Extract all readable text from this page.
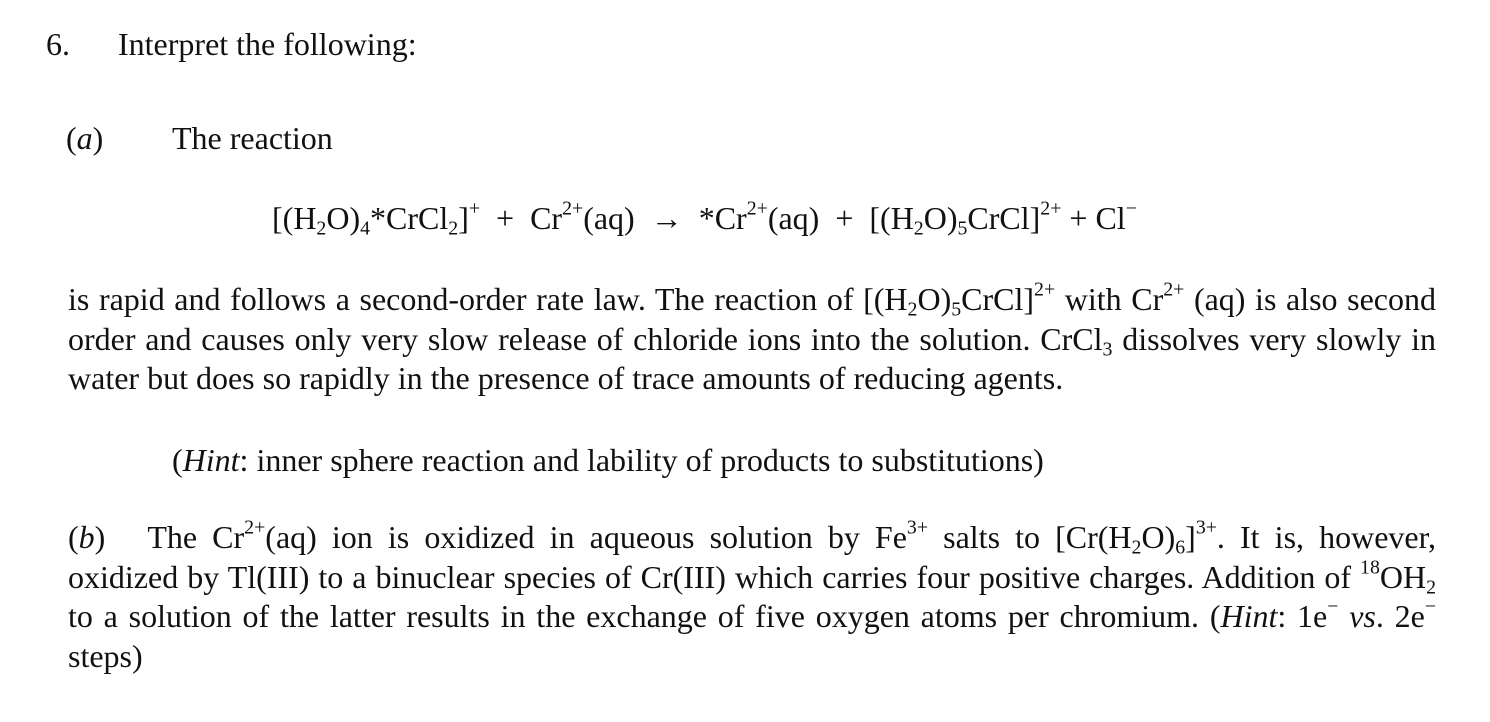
6. Interpret the following:
(a) The reaction
$[(H_2O)_4*CrCl_2]^+ + Cr^{2+}(aq) \to *Cr^{2+}(aq)$ + $[(H_2O)_5CrCl]^{2+} + Cl^-$
is rapid and follows a second-order rate law. The reaction of $[(H_2O)_5CrCl]^{2+}$ with $Cr^{2+}$ (aq) is also second order and causes only very slow release of chloride ions into the solution. CrCl$_3$ dissolves very slowly in water but does so rapidly in the presence of trace amounts of reducing agents.
(Hint: inner sphere reaction and lability of products to substitutions)
(b) The $Cr^{2+}(aq)$ ion is oxidized in aqueous solution by $Fe^{3+}$ salts to $[Cr(H_2O)_6]^{3+}$. It is, however, oxidized by Tl(III) to a binuclear species of Cr(III) which carries four positive charges. Addition of $^{18}OH_2$ to a solution of the latter results in the exchange of five oxygen atoms per chromium. (Hint: 1e− vs. 2e− steps)
